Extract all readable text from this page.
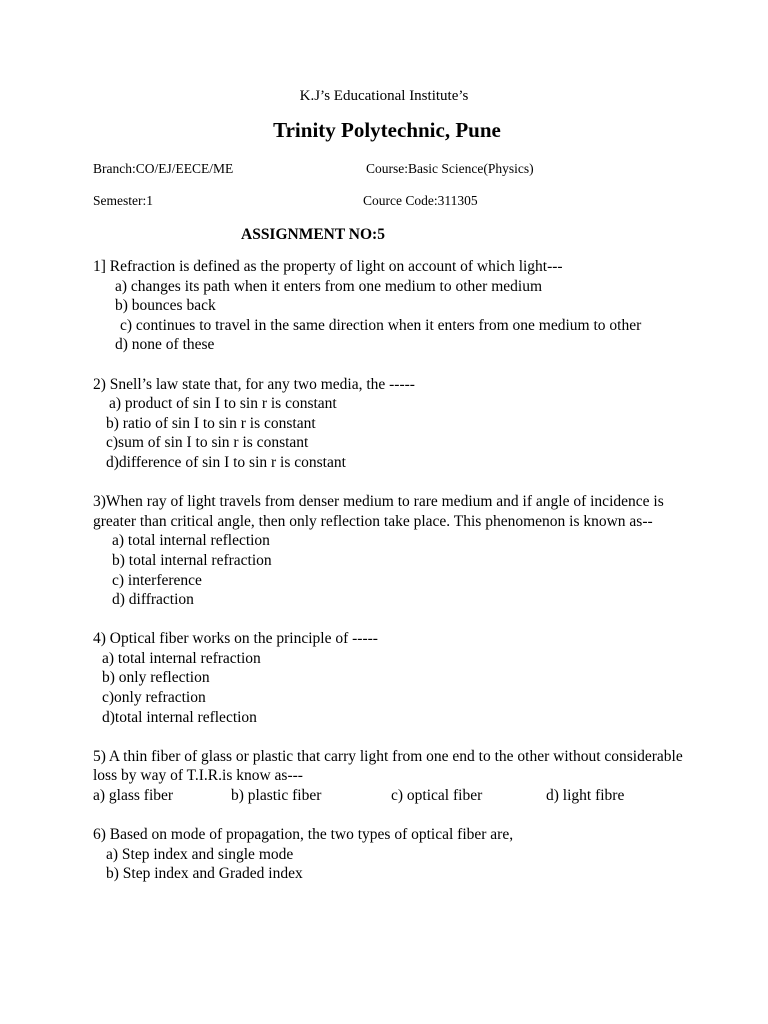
K.J’s Educational Institute’s
Trinity Polytechnic, Pune
Branch:CO/EJ/EECE/ME	Course:Basic Science(Physics)
Semester:1	Cource Code:311305
ASSIGNMENT NO:5
1] Refraction is defined as the property of light on account of which light---
a) changes its path when it enters from one medium to other medium
b) bounces back
c) continues to travel in the same direction when it enters from one medium to other
d) none of these
2) Snell’s law state that, for any two media, the -----
a) product of sin I to sin r is constant
b) ratio of sin I to sin r is constant
c)sum of sin I to sin r is constant
d)difference of sin I to sin r is constant
3)When ray of light travels from denser medium to rare medium and if angle of incidence is greater than critical angle, then only reflection take place. This phenomenon is known as--
a) total internal reflection
b) total internal refraction
c) interference
d) diffraction
4) Optical fiber works on the principle of -----
a) total internal refraction
b) only reflection
c)only refraction
d)total internal reflection
5) A thin fiber of glass or plastic that carry light from one end to the other without considerable loss by way of T.I.R.is know as---
a) glass fiber	b) plastic fiber	c) optical fiber	d) light fibre
6) Based on mode of propagation, the two types of optical fiber are,
a) Step index and single mode
b) Step index and Graded index
